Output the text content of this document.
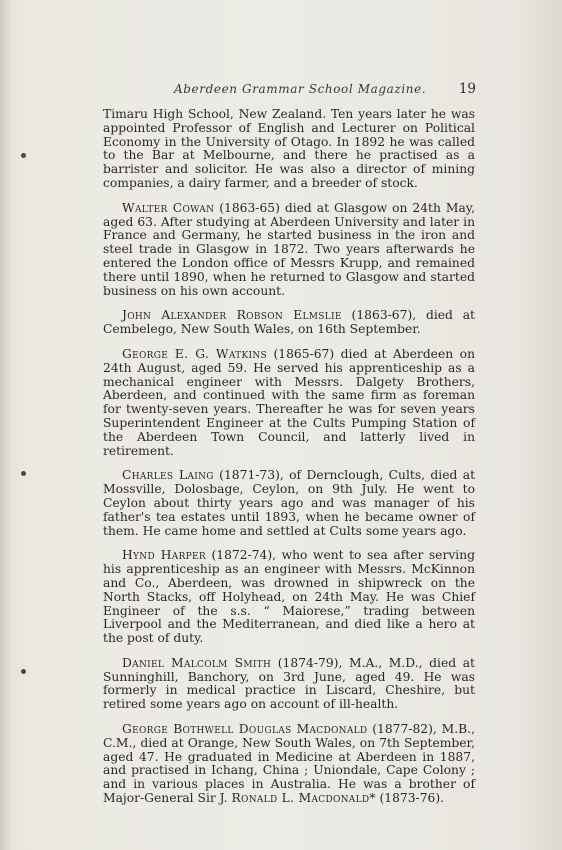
Aberdeen Grammar School Magazine. 19

Timaru High School, New Zealand. Ten years later he was appointed Professor of English and Lecturer on Political Economy in the University of Otago. In 1892 he was called to the Bar at Melbourne, and there he practised as a barrister and solicitor. He was also a director of mining companies, a dairy farmer, and a breeder of stock.

Walter Cowan (1863-65) died at Glasgow on 24th May, aged 63. After studying at Aberdeen University and later in France and Germany, he started business in the iron and steel trade in Glasgow in 1872. Two years afterwards he entered the London office of Messrs Krupp, and remained there until 1890, when he returned to Glasgow and started business on his own account.

John Alexander Robson Elmslie (1863-67), died at Cembelego, New South Wales, on 16th September.

George E. G. Watkins (1865-67) died at Aberdeen on 24th August, aged 59. He served his apprenticeship as a mechanical engineer with Messrs. Dalgety Brothers, Aberdeen, and continued with the same firm as foreman for twenty-seven years. Thereafter he was for seven years Superintendent Engineer at the Cults Pumping Station of the Aberdeen Town Council, and latterly lived in retirement.

Charles Laing (1871-73), of Dernclough, Cults, died at Mossville, Dolosbage, Ceylon, on 9th July. He went to Ceylon about thirty years ago and was manager of his father's tea estates until 1893, when he became owner of them. He came home and settled at Cults some years ago.

Hynd Harper (1872-74), who went to sea after serving his apprenticeship as an engineer with Messrs. McKinnon and Co., Aberdeen, was drowned in shipwreck on the North Stacks, off Holyhead, on 24th May. He was Chief Engineer of the s.s. “ Maiorese,” trading between Liverpool and the Mediterranean, and died like a hero at the post of duty.

Daniel Malcolm Smith (1874-79), M.A., M.D., died at Sunninghill, Banchory, on 3rd June, aged 49. He was formerly in medical practice in Liscard, Cheshire, but retired some years ago on account of ill-health.

George Bothwell Douglas Macdonald (1877-82), M.B., C.M., died at Orange, New South Wales, on 7th September, aged 47. He graduated in Medicine at Aberdeen in 1887, and practised in Ichang, China ; Uniondale, Cape Colony ; and in various places in Australia. He was a brother of Major-General Sir J. Ronald L. Macdonald* (1873-76).
